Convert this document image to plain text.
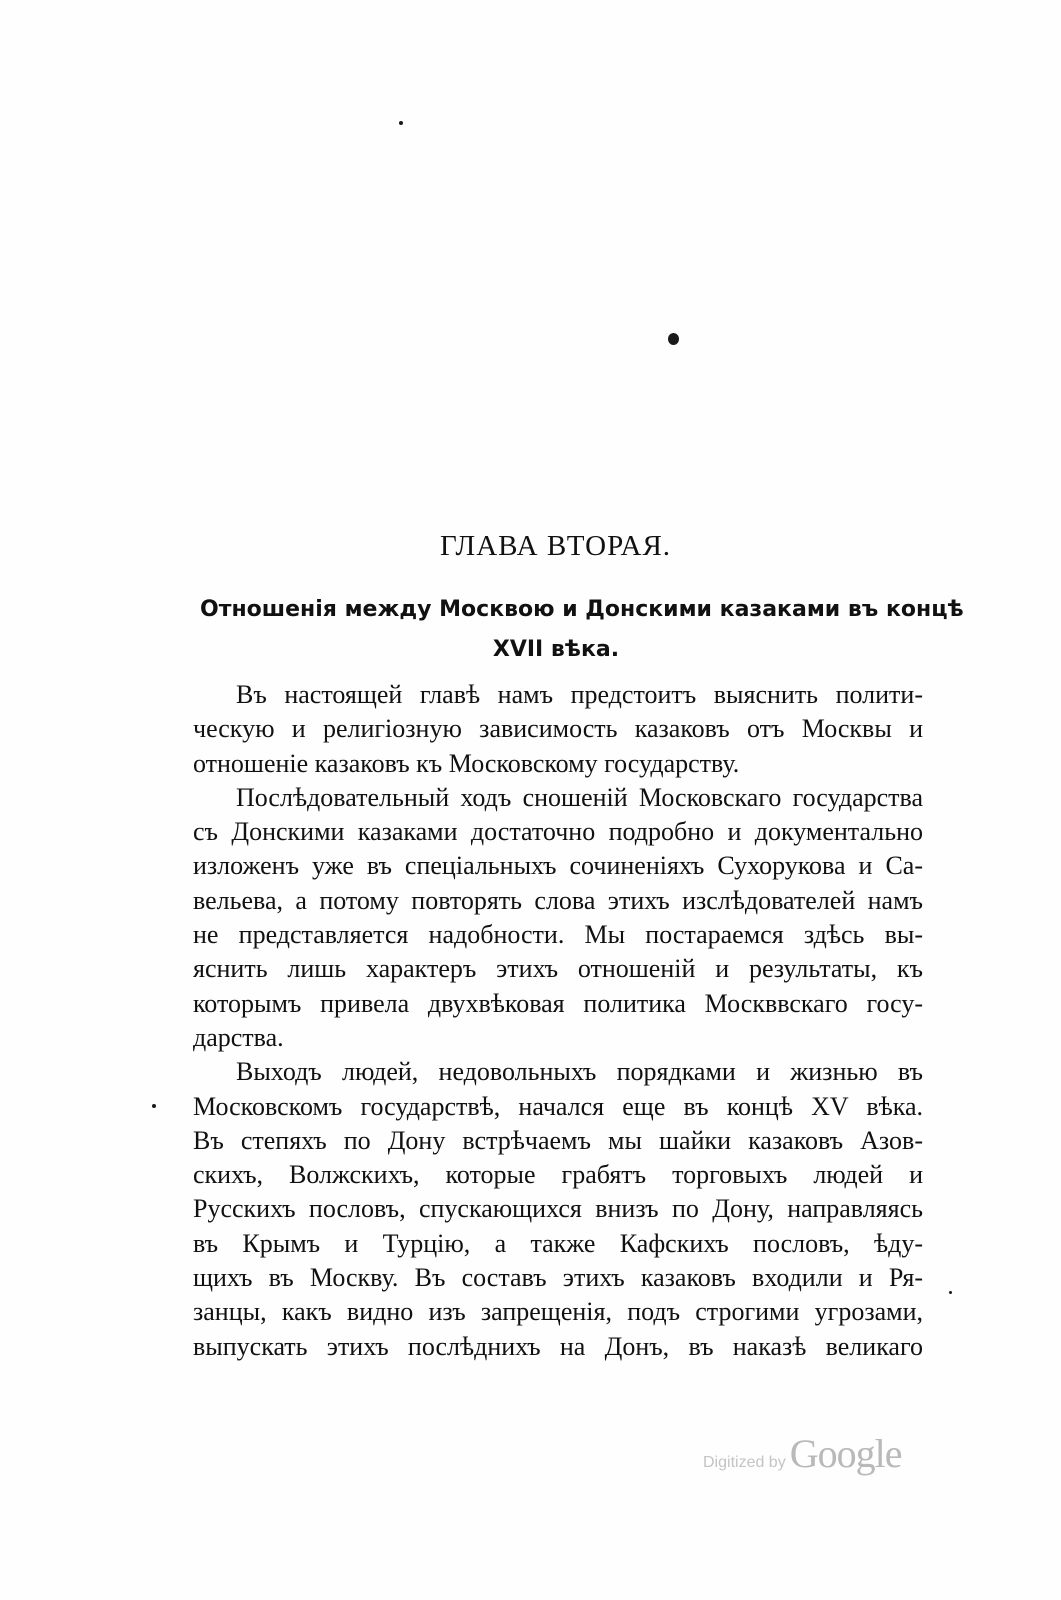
ГЛАВА ВТОРАЯ.
Отношенія между Москвою и Донскими казаками въ концѣ
XVII вѣка.
Въ настоящей главѣ намъ предстоитъ выяснить полити-
ческую и религіозную зависимость казаковъ отъ Москвы и
отношеніе казаковъ къ Московскому государству.
Послѣдовательный ходъ сношеній Московскаго государства
съ Донскими казаками достаточно подробно и документально
изложенъ уже въ спеціальныхъ сочиненіяхъ Сухорукова и Са-
вельева, а потому повторять слова этихъ изслѣдователей намъ
не представляется надобности. Мы постараемся здѣсь вы-
яснить лишь характеръ этихъ отношеній и результаты, къ
которымъ привела двухвѣковая политика Москввскаго госу-
дарства.
Выходъ людей, недовольныхъ порядками и жизнью въ
Московскомъ государствѣ, начался еще въ концѣ XV вѣка.
Въ степяхъ по Дону встрѣчаемъ мы шайки казаковъ Азов-
скихъ, Волжскихъ, которые грабятъ торговыхъ людей и
Русскихъ пословъ, спускающихся внизъ по Дону, направляясь
въ Крымъ и Турцію, а также Кафскихъ пословъ, ѣду-
щихъ въ Москву. Въ составъ этихъ казаковъ входили и Ря-
занцы, какъ видно изъ запрещенія, подъ строгими угрозами,
выпускать этихъ послѣднихъ на Донъ, въ наказѣ великаго
Digitized by Google
